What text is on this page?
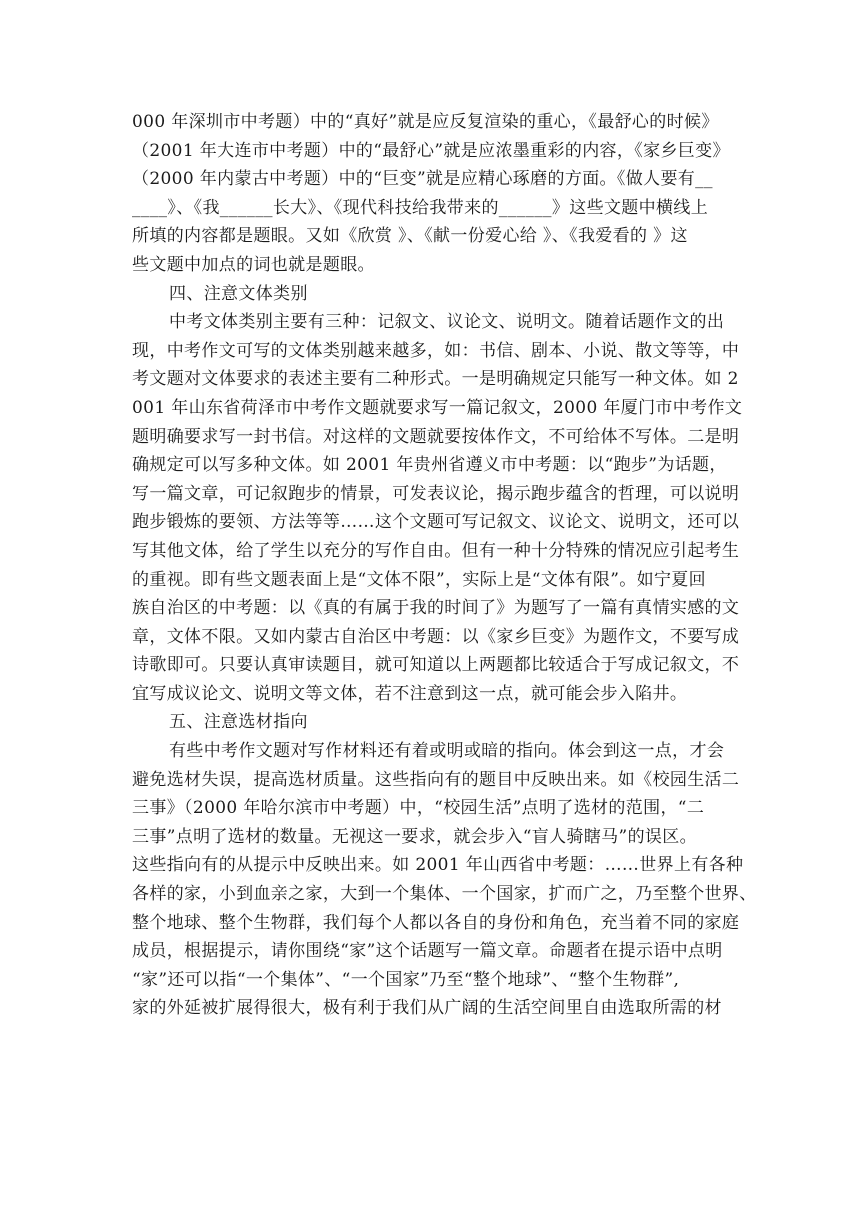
000 年深圳市中考题）中的“真好”就是应反复渲染的重心，《最舒心的时候》
（2001 年大连市中考题）中的“最舒心”就是应浓墨重彩的内容，《家乡巨变》
（2000 年内蒙古中考题）中的“巨变”就是应精心琢磨的方面。《做人要有__
____》、《我______长大》、《现代科技给我带来的______》这些文题中横线上
所填的内容都是题眼。又如《欣赏 》、《献一份爱心给 》、《我爱看的 》这
些文题中加点的词也就是题眼。
四、注意文体类别
中考文体类别主要有三种：记叙文、议论文、说明文。随着话题作文的出
现，中考作文可写的文体类别越来越多，如：书信、剧本、小说、散文等等，中
考文题对文体要求的表述主要有二种形式。一是明确规定只能写一种文体。如 2
001 年山东省荷泽市中考作文题就要求写一篇记叙文，2000 年厦门市中考作文
题明确要求写一封书信。对这样的文题就要按体作文，不可给体不写体。二是明
确规定可以写多种文体。如 2001 年贵州省遵义市中考题：以“跑步”为话题，
写一篇文章，可记叙跑步的情景，可发表议论，揭示跑步蕴含的哲理，可以说明
跑步锻炼的要领、方法等等……这个文题可写记叙文、议论文、说明文，还可以
写其他文体，给了学生以充分的写作自由。但有一种十分特殊的情况应引起考生
的重视。即有些文题表面上是“文体不限”，实际上是“文体有限”。如宁夏回
族自治区的中考题：以《真的有属于我的时间了》为题写了一篇有真情实感的文
章，文体不限。又如内蒙古自治区中考题：以《家乡巨变》为题作文，不要写成
诗歌即可。只要认真审读题目，就可知道以上两题都比较适合于写成记叙文，不
宜写成议论文、说明文等文体，若不注意到这一点，就可能会步入陷井。
五、注意选材指向
有些中考作文题对写作材料还有着或明或暗的指向。体会到这一点，才会
避免选材失误，提高选材质量。这些指向有的题目中反映出来。如《校园生活二
三事》（2000 年哈尔滨市中考题）中，“校园生活”点明了选材的范围，“二
三事”点明了选材的数量。无视这一要求，就会步入“盲人骑瞎马”的误区。
这些指向有的从提示中反映出来。如 2001 年山西省中考题：……世界上有各种
各样的家，小到血亲之家，大到一个集体、一个国家，扩而广之，乃至整个世界、
整个地球、整个生物群，我们每个人都以各自的身份和角色，充当着不同的家庭
成员，根据提示，请你围绕“家”这个话题写一篇文章。命题者在提示语中点明
“家”还可以指“一个集体”、“一个国家”乃至“整个地球”、“整个生物群”,
家的外延被扩展得很大，极有利于我们从广阔的生活空间里自由选取所需的材
